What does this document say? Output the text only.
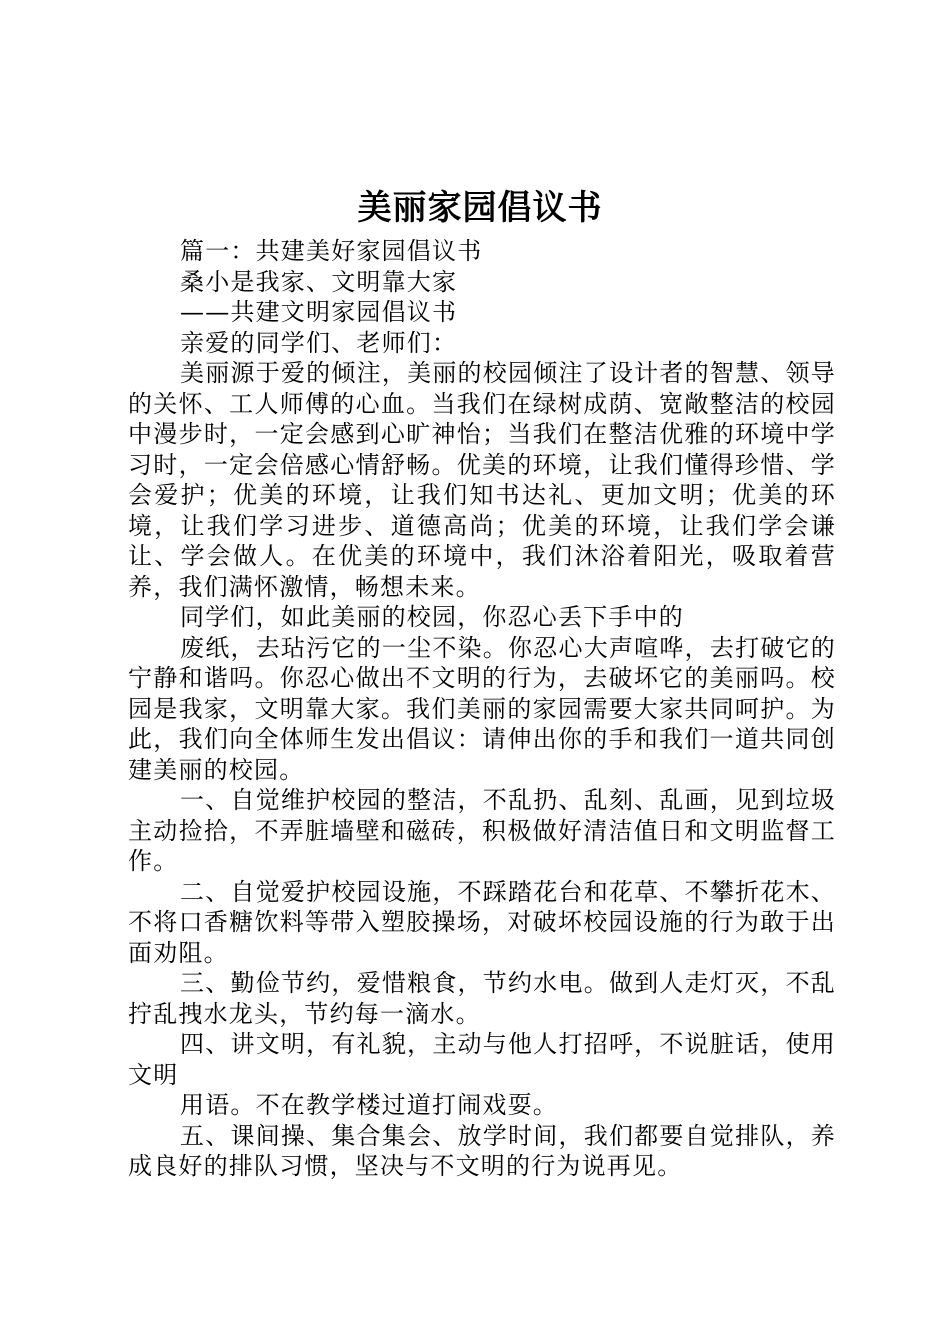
美丽家园倡议书

篇一：共建美好家园倡议书

桑小是我家、文明靠大家

——共建文明家园倡议书

亲爱的同学们、老师们：

美丽源于爱的倾注，美丽的校园倾注了设计者的智慧、领导的关怀、工人师傅的心血。当我们在绿树成荫、宽敞整洁的校园中漫步时，一定会感到心旷神怡；当我们在整洁优雅的环境中学习时，一定会倍感心情舒畅。优美的环境，让我们懂得珍惜、学会爱护；优美的环境，让我们知书达礼、更加文明；优美的环境，让我们学习进步、道德高尚；优美的环境，让我们学会谦让、学会做人。在优美的环境中，我们沐浴着阳光，吸取着营养，我们满怀激情，畅想未来。

同学们，如此美丽的校园，你忍心丢下手中的

废纸，去玷污它的一尘不染。你忍心大声喧哗，去打破它的宁静和谐吗。你忍心做出不文明的行为，去破坏它的美丽吗。校园是我家，文明靠大家。我们美丽的家园需要大家共同呵护。为此，我们向全体师生发出倡议：请伸出你的手和我们一道共同创建美丽的校园。

一、自觉维护校园的整洁，不乱扔、乱刻、乱画，见到垃圾主动捡拾，不弄脏墙壁和磁砖，积极做好清洁值日和文明监督工作。

二、自觉爱护校园设施，不踩踏花台和花草、不攀折花木、不将口香糖饮料等带入塑胶操场，对破坏校园设施的行为敢于出面劝阻。

三、勤俭节约，爱惜粮食，节约水电。做到人走灯灭，不乱拧乱拽水龙头，节约每一滴水。

四、讲文明，有礼貌，主动与他人打招呼，不说脏话，使用文明

用语。不在教学楼过道打闹戏耍。

五、课间操、集合集会、放学时间，我们都要自觉排队，养成良好的排队习惯，坚决与不文明的行为说再见。
